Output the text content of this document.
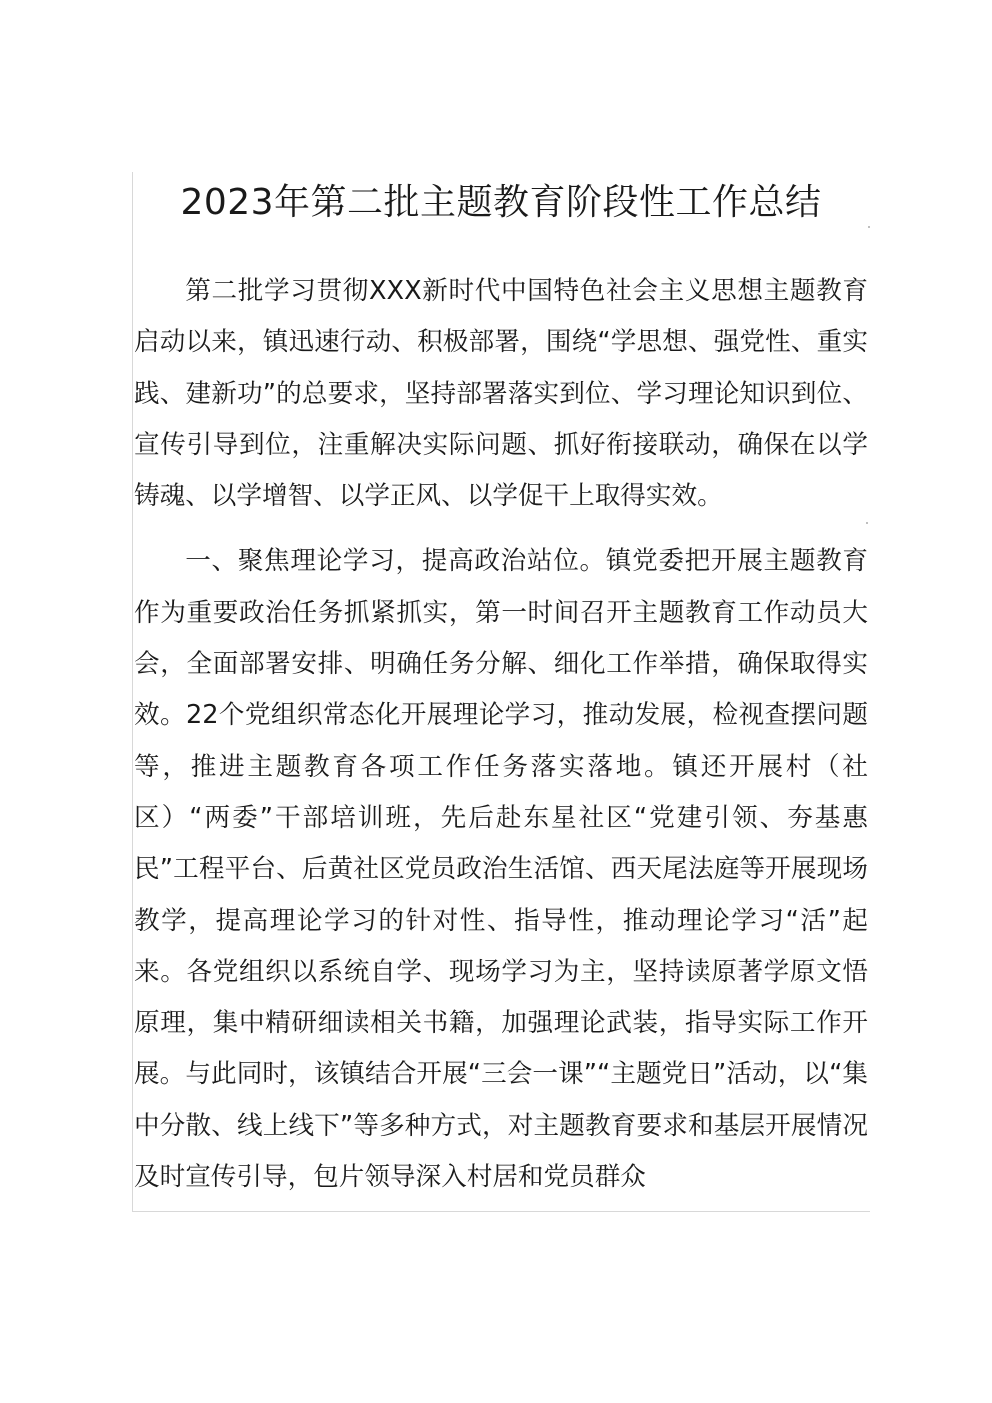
2023年第二批主题教育阶段性工作总结

第二批学习贯彻XXX新时代中国特色社会主义思想主题教育启动以来，镇迅速行动、积极部署，围绕“学思想、强党性、重实践、建新功”的总要求，坚持部署落实到位、学习理论知识到位、宣传引导到位，注重解决实际问题、抓好衔接联动，确保在以学铸魂、以学增智、以学正风、以学促干上取得实效。

一、聚焦理论学习，提高政治站位。镇党委把开展主题教育作为重要政治任务抓紧抓实，第一时间召开主题教育工作动员大会，全面部署安排、明确任务分解、细化工作举措，确保取得实效。22个党组织常态化开展理论学习，推动发展，检视查摆问题等，推进主题教育各项工作任务落实落地。镇还开展村（社区）“两委”干部培训班，先后赴东星社区“党建引领、夯基惠民”工程平台、后黄社区党员政治生活馆、西天尾法庭等开展现场教学，提高理论学习的针对性、指导性，推动理论学习“活”起来。各党组织以系统自学、现场学习为主，坚持读原著学原文悟原理，集中精研细读相关书籍，加强理论武装，指导实际工作开展。与此同时，该镇结合开展“三会一课”“主题党日”活动，以“集中分散、线上线下”等多种方式，对主题教育要求和基层开展情况及时宣传引导，包片领导深入村居和党员群众
